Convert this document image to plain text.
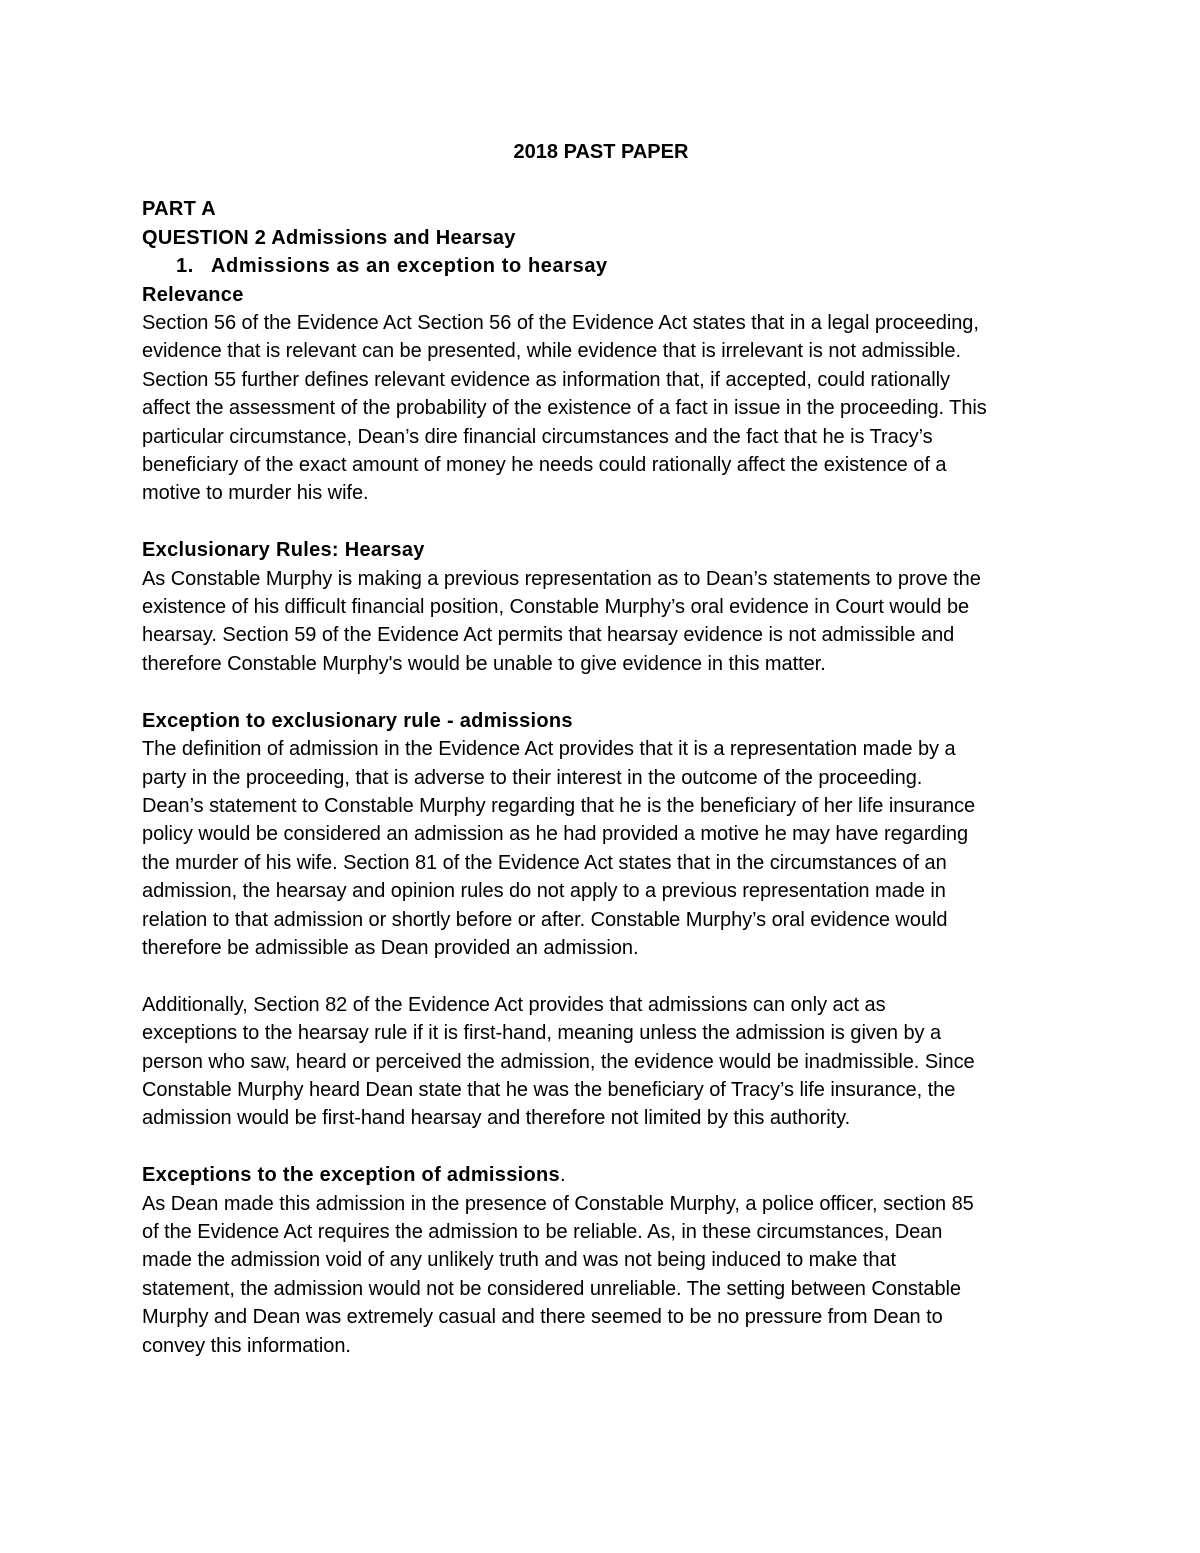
2018 PAST PAPER

PART A

QUESTION 2 Admissions and Hearsay

1. Admissions as an exception to hearsay

Relevance

Section 56 of the Evidence Act Section 56 of the Evidence Act states that in a legal proceeding,

evidence that is relevant can be presented, while evidence that is irrelevant is not admissible.

Section 55 further defines relevant evidence as information that, if accepted, could rationally

affect the assessment of the probability of the existence of a fact in issue in the proceeding. This

particular circumstance, Dean’s dire financial circumstances and the fact that he is Tracy’s

beneficiary of the exact amount of money he needs could rationally affect the existence of a

motive to murder his wife.

Exclusionary Rules: Hearsay

As Constable Murphy is making a previous representation as to Dean’s statements to prove the

existence of his difficult financial position, Constable Murphy’s oral evidence in Court would be

hearsay. Section 59 of the Evidence Act permits that hearsay evidence is not admissible and

therefore Constable Murphy's would be unable to give evidence in this matter.

Exception to exclusionary rule - admissions

The definition of admission in the Evidence Act provides that it is a representation made by a

party in the proceeding, that is adverse to their interest in the outcome of the proceeding.

Dean’s statement to Constable Murphy regarding that he is the beneficiary of her life insurance

policy would be considered an admission as he had provided a motive he may have regarding

the murder of his wife. Section 81 of the Evidence Act states that in the circumstances of an

admission, the hearsay and opinion rules do not apply to a previous representation made in

relation to that admission or shortly before or after. Constable Murphy’s oral evidence would

therefore be admissible as Dean provided an admission.

Additionally, Section 82 of the Evidence Act provides that admissions can only act as

exceptions to the hearsay rule if it is first-hand, meaning unless the admission is given by a

person who saw, heard or perceived the admission, the evidence would be inadmissible. Since

Constable Murphy heard Dean state that he was the beneficiary of Tracy’s life insurance, the

admission would be first-hand hearsay and therefore not limited by this authority.

Exceptions to the exception of admissions.

As Dean made this admission in the presence of Constable Murphy, a police officer, section 85

of the Evidence Act requires the admission to be reliable. As, in these circumstances, Dean

made the admission void of any unlikely truth and was not being induced to make that

statement, the admission would not be considered unreliable. The setting between Constable

Murphy and Dean was extremely casual and there seemed to be no pressure from Dean to

convey this information.
